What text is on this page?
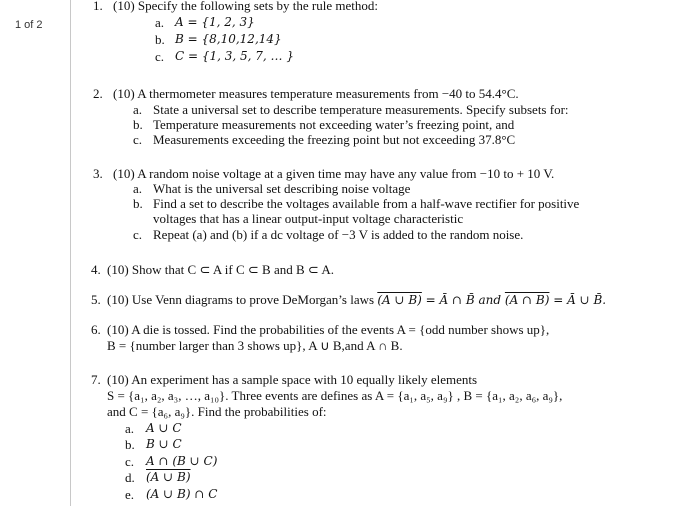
1 of 2
1. (10) Specify the following sets by the rule method:
a. A = {1, 2, 3}
b. B = {8,10,12,14}
c. C = {1, 3, 5, 7, … }
2. (10) A thermometer measures temperature measurements from −40 to 54.4°C.
a. State a universal set to describe temperature measurements. Specify subsets for:
b. Temperature measurements not exceeding water’s freezing point, and
c. Measurements exceeding the freezing point but not exceeding 37.8°C
3. (10) A random noise voltage at a given time may have any value from −10 to + 10 V.
a. What is the universal set describing noise voltage
b. Find a set to describe the voltages available from a half-wave rectifier for positive
voltages that has a linear output-input voltage characteristic
c. Repeat (a) and (b) if a dc voltage of −3 V is added to the random noise.
4. (10) Show that C ⊂ A if C ⊂ B and B ⊂ A.
5. (10) Use Venn diagrams to prove DeMorgan’s laws (A ∪ B) = Ā ∩ B̄ and (A ∩ B) = Ā ∪ B̄.
6. (10) A die is tossed. Find the probabilities of the events A = {odd number shows up},
B = {number larger than 3 shows up}, A ∪ B,and A ∩ B.
7. (10) An experiment has a sample space with 10 equally likely elements
S = {a₁, a₂, a₃, …, a₁₀}. Three events are defines as A = {a₁, a₅, a₉} , B = {a₁, a₂, a₆, a₉},
and C = {a₆, a₉}. Find the probabilities of:
a. A ∪ C
b. B ∪ C
c. A ∩ (B ∪ C)
d. (A ∪ B)
e. (A ∪ B) ∩ C
